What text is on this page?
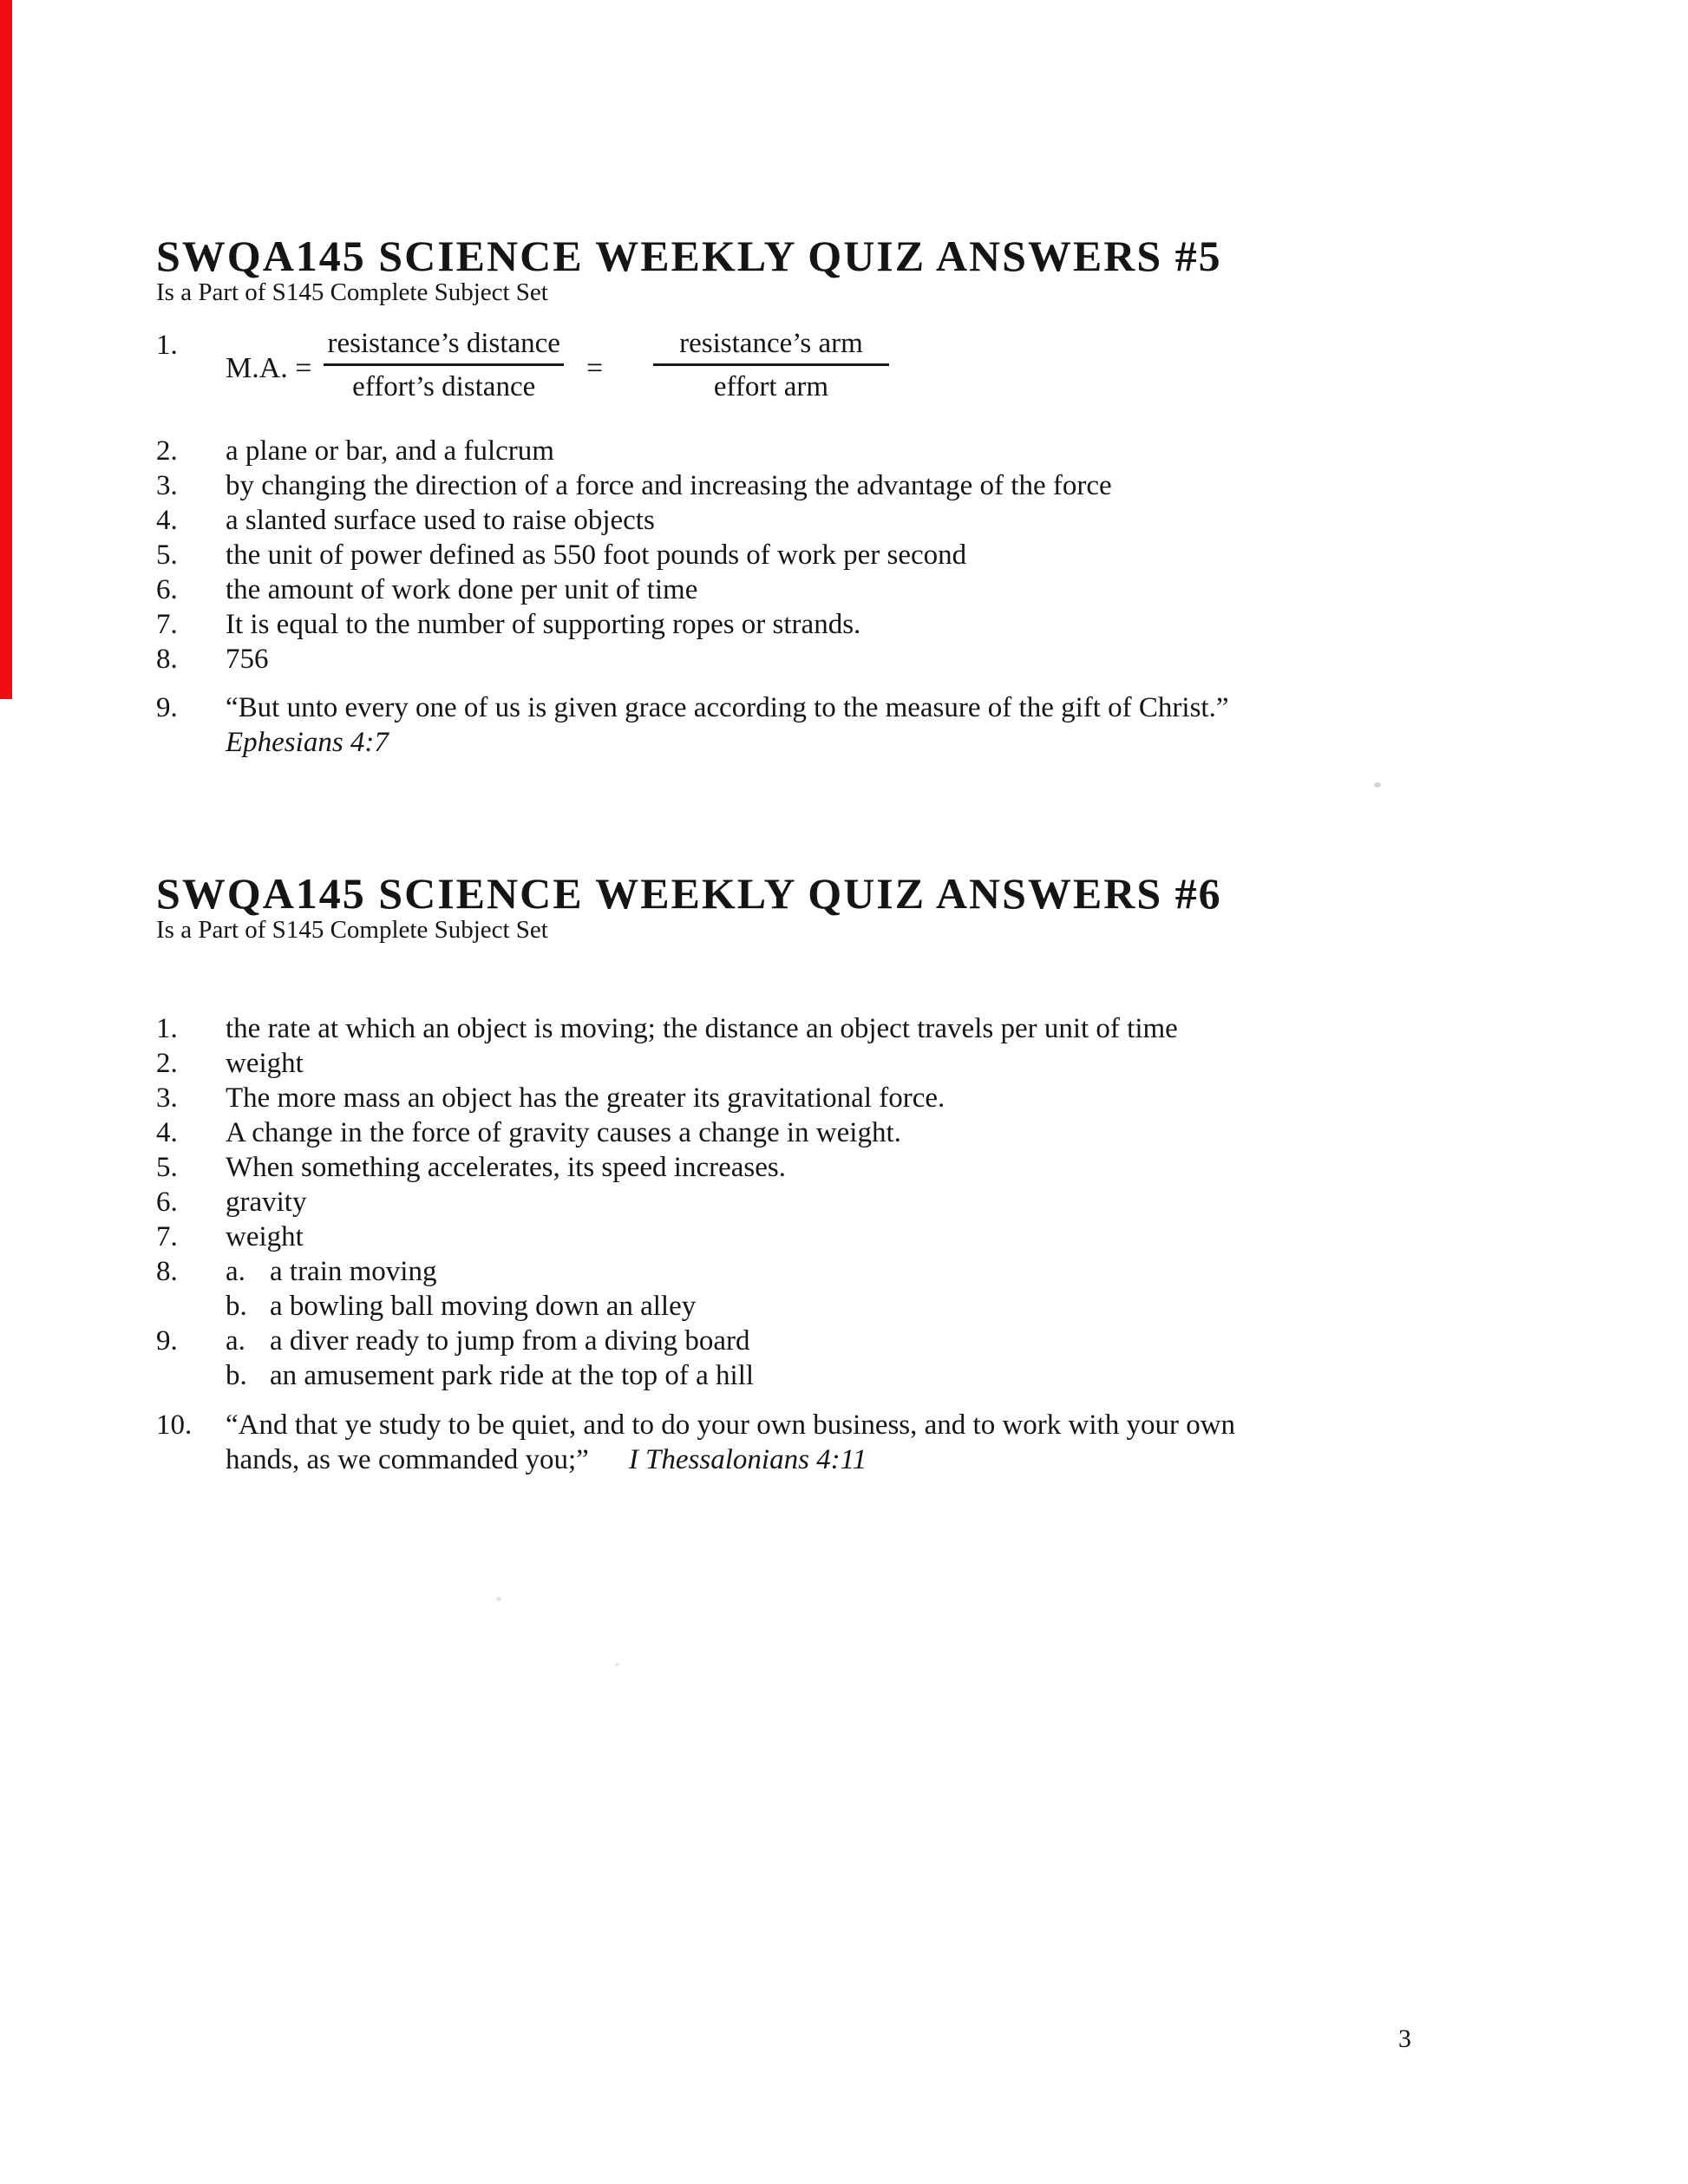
SWQA145 SCIENCE WEEKLY QUIZ ANSWERS #5
Is a Part of S145 Complete Subject Set
1.
M.A. = $\frac{\text{resistance’s distance}}{\text{effort’s distance}} = \frac{\text{resistance’s arm}}{\text{effort arm}}$
2.	a plane or bar, and a fulcrum
3.	by changing the direction of a force and increasing the advantage of the force
4.	a slanted surface used to raise objects
5.	the unit of power defined as 550 foot pounds of work per second
6.	the amount of work done per unit of time
7.	It is equal to the number of supporting ropes or strands.
8.	756
9.	“But unto every one of us is given grace according to the measure of the gift of Christ.”
Ephesians 4:7
SWQA145 SCIENCE WEEKLY QUIZ ANSWERS #6
Is a Part of S145 Complete Subject Set
1.	the rate at which an object is moving; the distance an object travels per unit of time
2.	weight
3.	The more mass an object has the greater its gravitational force.
4.	A change in the force of gravity causes a change in weight.
5.	When something accelerates, its speed increases.
6.	gravity
7.	weight
8.	a. a train moving
b. a bowling ball moving down an alley
9.	a. a diver ready to jump from a diving board
b. an amusement park ride at the top of a hill
10.	“And that ye study to be quiet, and to do your own business, and to work with your own
hands, as we commanded you;” I Thessalonians 4:11
3
